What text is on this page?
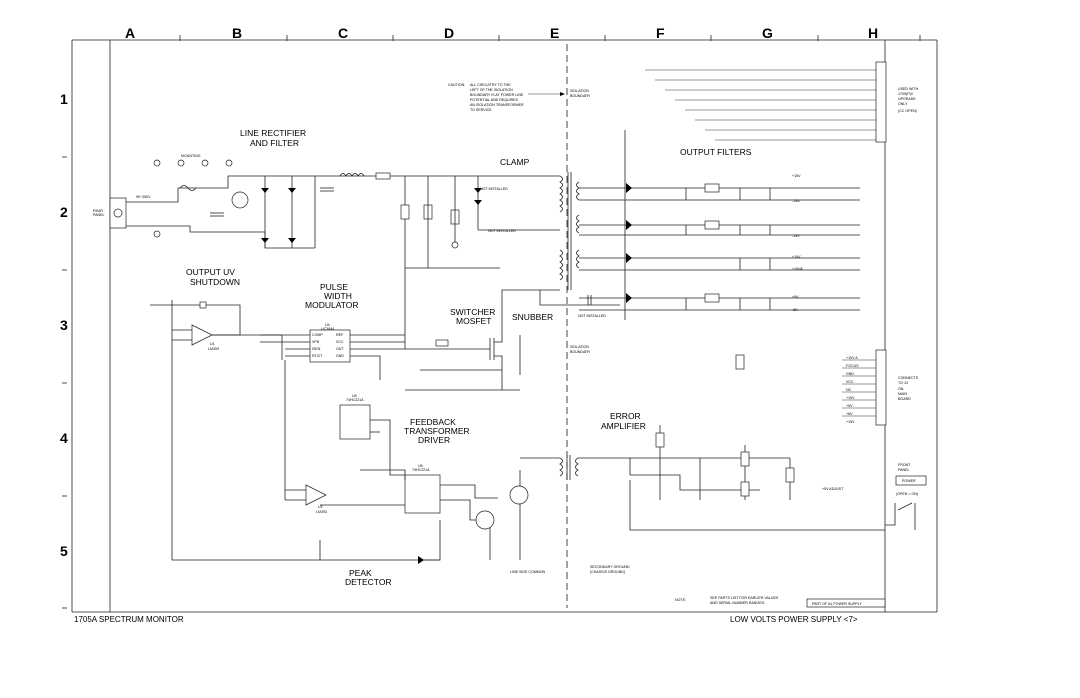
A	B	C	D	E	F	G	H
1
2
3
4
5
CAUTION: ALL CIRCUITRY TO THE
LEFT OF THE ISOLATION
BOUNDARY IS AT POWER LINE
POTENTIAL AND REQUIRES
AN ISOLATION TRANSFORMER
TO SERVICE
ISOLATION
BOUNDARY
ISOLATION
BOUNDARY
LINE RECTIFIER
AND FILTER
MOUNTING
REAR
PANEL
90~250V
CLAMP
NOT INSTALLED
NOT INSTALLED
OUTPUT FILTERS
+15V
-15A
-15V
+5V
-5D
+10V
+10VA
USED WITH
1705(P)V
UPGRADE
ONLY
(CC OPEN)
OUTPUT UV
SHUTDOWN
U1
LM393
PULSE
WIDTH
MODULATOR
U4
UC3844
COMP
VFB
ISEN
RT/CT
REF
VCC
OUT
GND
SWITCHER
MOSFET SNUBBER	NOT INSTALLED
FEEDBACK
TRANSFORMER
DRIVER
U5
74HC221A
U6
74HC221A
LINE SIDE COMMON
ERROR
AMPLIFIER
+5V ADJUST
+10V A
FOCUS
GND
VCC
NC
+10V
+5V
+6V
+15V
CONNECTS
TO J4
ON
MAIN
BOARD
FRONT
PANEL
POWER
(OPEN = ON)
PEAK
DETECTOR
U2
LM393
SECONDARY GROUND
(CHASSIS GROUND)
NOTE:	SEE PARTS LIST FOR EARLIER VALUES
AND SERIAL NUMBER RANGES.	PART OF A1 POWER SUPPLY
1705A SPECTRUM MONITOR	LOW VOLTS POWER SUPPLY <7>
